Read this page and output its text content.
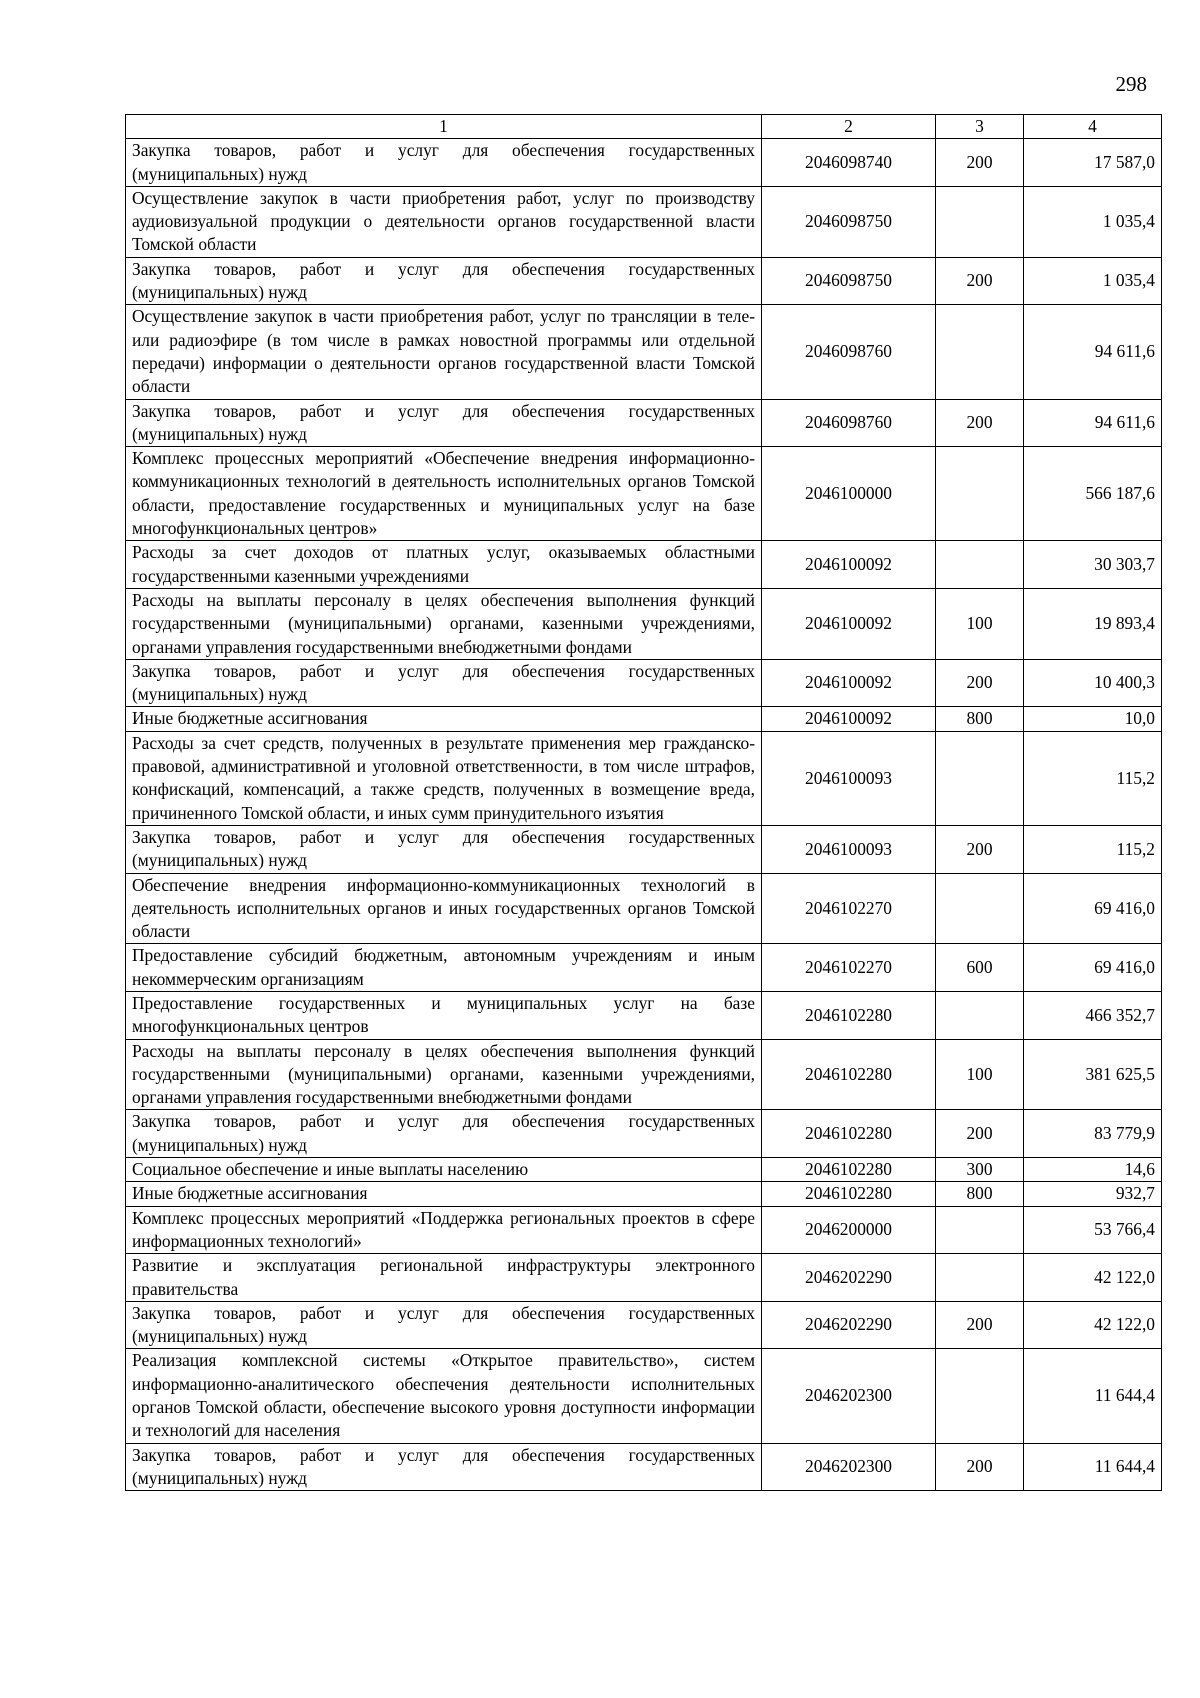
298
1	2	3	4
Закупка товаров, работ и услуг для обеспечения государственных (муниципальных) нужд	2046098740	200	17 587,0
Осуществление закупок в части приобретения работ, услуг по производству аудиовизуальной продукции о деятельности органов государственной власти Томской области	2046098750		1 035,4
Закупка товаров, работ и услуг для обеспечения государственных (муниципальных) нужд	2046098750	200	1 035,4
Осуществление закупок в части приобретения работ, услуг по трансляции в теле- или радиоэфире (в том числе в рамках новостной программы или отдельной передачи) информации о деятельности органов государственной власти Томской области	2046098760		94 611,6
Закупка товаров, работ и услуг для обеспечения государственных (муниципальных) нужд	2046098760	200	94 611,6
Комплекс процессных мероприятий «Обеспечение внедрения информационно-коммуникационных технологий в деятельность исполнительных органов Томской области, предоставление государственных и муниципальных услуг на базе многофункциональных центров»	2046100000		566 187,6
Расходы за счет доходов от платных услуг, оказываемых областными государственными казенными учреждениями	2046100092		30 303,7
Расходы на выплаты персоналу в целях обеспечения выполнения функций государственными (муниципальными) органами, казенными учреждениями, органами управления государственными внебюджетными фондами	2046100092	100	19 893,4
Закупка товаров, работ и услуг для обеспечения государственных (муниципальных) нужд	2046100092	200	10 400,3
Иные бюджетные ассигнования	2046100092	800	10,0
Расходы за счет средств, полученных в результате применения мер гражданско-правовой, административной и уголовной ответственности, в том числе штрафов, конфискаций, компенсаций, а также средств, полученных в возмещение вреда, причиненного Томской области, и иных сумм принудительного изъятия	2046100093		115,2
Закупка товаров, работ и услуг для обеспечения государственных (муниципальных) нужд	2046100093	200	115,2
Обеспечение внедрения информационно-коммуникационных технологий в деятельность исполнительных органов и иных государственных органов Томской области	2046102270		69 416,0
Предоставление субсидий бюджетным, автономным учреждениям и иным некоммерческим организациям	2046102270	600	69 416,0
Предоставление государственных и муниципальных услуг на базе многофункциональных центров	2046102280		466 352,7
Расходы на выплаты персоналу в целях обеспечения выполнения функций государственными (муниципальными) органами, казенными учреждениями, органами управления государственными внебюджетными фондами	2046102280	100	381 625,5
Закупка товаров, работ и услуг для обеспечения государственных (муниципальных) нужд	2046102280	200	83 779,9
Социальное обеспечение и иные выплаты населению	2046102280	300	14,6
Иные бюджетные ассигнования	2046102280	800	932,7
Комплекс процессных мероприятий «Поддержка региональных проектов в сфере информационных технологий»	2046200000		53 766,4
Развитие и эксплуатация региональной инфраструктуры электронного правительства	2046202290		42 122,0
Закупка товаров, работ и услуг для обеспечения государственных (муниципальных) нужд	2046202290	200	42 122,0
Реализация комплексной системы «Открытое правительство», систем информационно-аналитического обеспечения деятельности исполнительных органов Томской области, обеспечение высокого уровня доступности информации и технологий для населения	2046202300		11 644,4
Закупка товаров, работ и услуг для обеспечения государственных (муниципальных) нужд	2046202300	200	11 644,4
